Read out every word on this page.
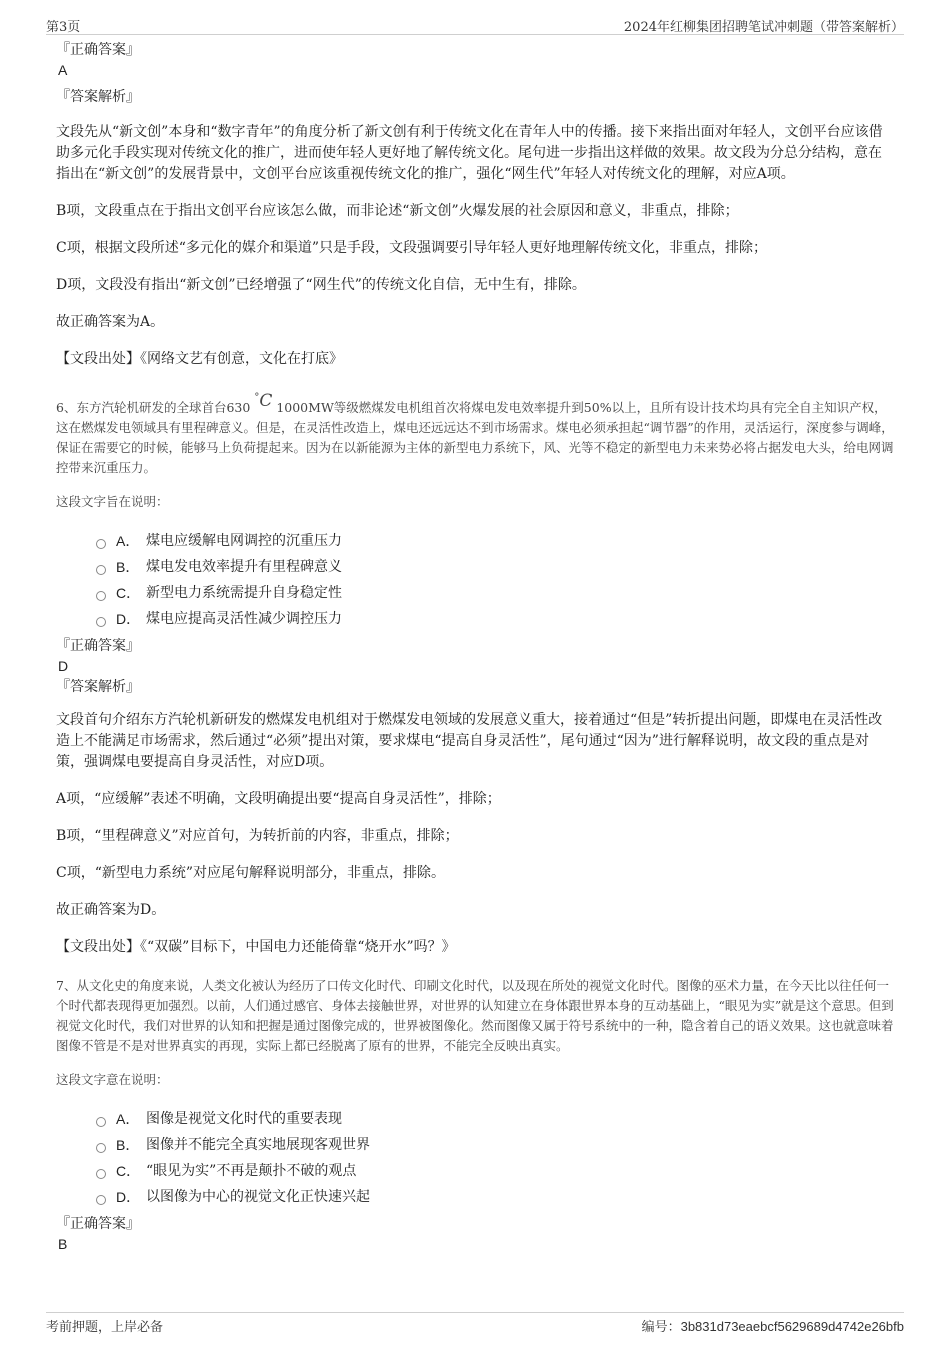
第3页	2024年红柳集团招聘笔试冲刺题（带答案解析）
『正确答案』
A
『答案解析』
文段先从“新文创”本身和“数字青年”的角度分析了新文创有利于传统文化在青年人中的传播。接下来指出面对年轻人，文创平台应该借助多元化手段实现对传统文化的推广，进而使年轻人更好地了解传统文化。尾句进一步指出这样做的效果。故文段为分总分结构，意在指出在“新文创”的发展背景中，文创平台应该重视传统文化的推广，强化“网生代”年轻人对传统文化的理解，对应A项。
B项，文段重点在于指出文创平台应该怎么做，而非论述“新文创”火爆发展的社会原因和意义，非重点，排除；
C项，根据文段所述“多元化的媒介和渠道”只是手段，文段强调要引导年轻人更好地理解传统文化，非重点，排除；
D项，文段没有指出“新文创”已经增强了“网生代”的传统文化自信，无中生有，排除。
故正确答案为A。
【文段出处】《网络文艺有创意，文化在打底》
6、东方汽轮机研发的全球首台630°C 1000MW等级燃煤发电机组首次将煤电发电效率提升到50%以上，且所有设计技术均具有完全自主知识产权，这在燃煤发电领域具有里程碑意义。但是，在灵活性改造上，煤电还远远达不到市场需求。煤电必须承担起“调节器”的作用，灵活运行，深度参与调峰，保证在需要它的时候，能够马上负荷提起来。因为在以新能源为主体的新型电力系统下，风、光等不稳定的新型电力未来势必将占据发电大头，给电网调控带来沉重压力。
这段文字旨在说明：
A． 煤电应缓解电网调控的沉重压力
B． 煤电发电效率提升有里程碑意义
C． 新型电力系统需提升自身稳定性
D． 煤电应提高灵活性减少调控压力
『正确答案』
D
『答案解析』
文段首句介绍东方汽轮机新研发的燃煤发电机组对于燃煤发电领域的发展意义重大，接着通过“但是”转折提出问题，即煤电在灵活性改造上不能满足市场需求，然后通过“必须”提出对策，要求煤电“提高自身灵活性”，尾句通过“因为”进行解释说明，故文段的重点是对策，强调煤电要提高自身灵活性，对应D项。
A项，“应缓解”表述不明确，文段明确提出要“提高自身灵活性”，排除；
B项，“里程碑意义”对应首句，为转折前的内容，非重点，排除；
C项，“新型电力系统”对应尾句解释说明部分，非重点，排除。
故正确答案为D。
【文段出处】《“双碳”目标下，中国电力还能倚靠“烧开水”吗？》
7、从文化史的角度来说，人类文化被认为经历了口传文化时代、印刷文化时代，以及现在所处的视觉文化时代。图像的巫术力量，在今天比以往任何一个时代都表现得更加强烈。以前，人们通过感官、身体去接触世界，对世界的认知建立在身体跟世界本身的互动基础上，“眼见为实”就是这个意思。但到视觉文化时代，我们对世界的认知和把握是通过图像完成的，世界被图像化。然而图像又属于符号系统中的一种，隐含着自己的语义效果。这也就意味着图像不管是不是对世界真实的再现，实际上都已经脱离了原有的世界，不能完全反映出真实。
这段文字意在说明：
A． 图像是视觉文化时代的重要表现
B． 图像并不能完全真实地展现客观世界
C． “眼见为实”不再是颠扑不破的观点
D． 以图像为中心的视觉文化正快速兴起
『正确答案』
B
考前押题，上岸必备	编号：3b831d73eaebcf5629689d4742e26bfb
